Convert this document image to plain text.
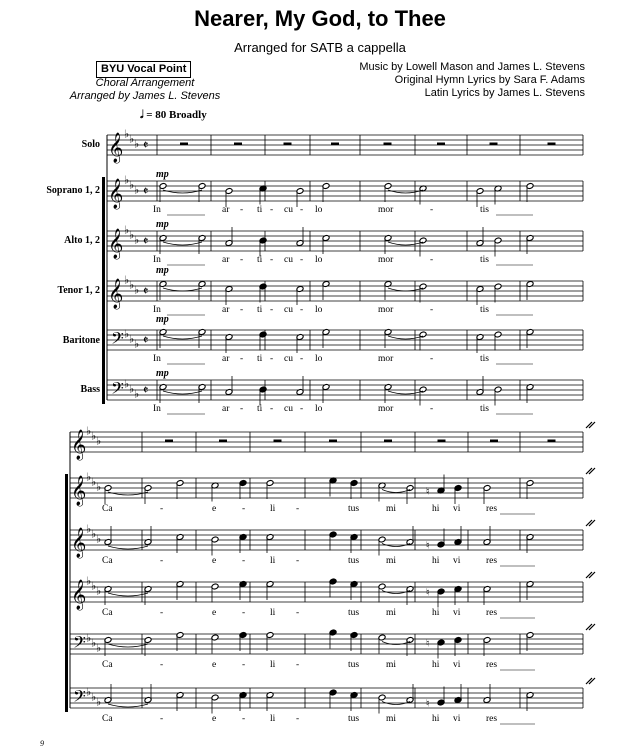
Nearer, My God, to Thee
Arranged for SATB a cappella
BYU Vocal Point
Choral Arrangement
Arranged by James L. Stevens
Music by Lowell Mason and James L. Stevens
Original Hymn Lyrics by Sara F. Adams
Latin Lyrics by James L. Stevens
𝅗𝅥 = 80 Broadly
Solo
Soprano 1, 2
Alto 1, 2
Tenor 1, 2
Baritone
Bass
𝄞 ♭ ♭ ♭ 𝄵
𝄞 ♭ ♭ ♭ 𝄵
𝄞 ♭ ♭ ♭ 𝄵
𝄞 ♭ ♭ ♭ 𝄵
𝄢 ♭ ♭ ♭ 𝄵
𝄢 ♭ ♭ ♭ 𝄵
𝄞 ♭ ♭ ♭
𝄞 ♭ ♭ ♭
𝄞 ♭ ♭ ♭
𝄞 ♭ ♭ ♭
𝄢 ♭ ♭ ♭
𝄢 ♭ ♭ ♭
♮
♮
♮
♮
♮
mp
In	ar	ti cu lo	mor	tis
-	-	-	-
mp
In	ar	ti cu lo	mor	tis
-	-	-	-
mp
In	ar	ti cu lo	mor	tis
-	-	-	-
mp
In	ar	ti cu lo	mor	tis
-	-	-	-
mp
In	ar	ti cu lo	mor	tis
-	-	-	-
Ca	-	e	-	li -	tus	mi	hi vi	res
Ca	-	e	-	li -	tus	mi	hi vi	res
Ca	-	e	-	li -	tus	mi	hi vi	res
Ca	-	e	-	li -	tus	mi	hi vi	res
Ca	-	e	-	li -	tus	mi	hi vi	res
9
